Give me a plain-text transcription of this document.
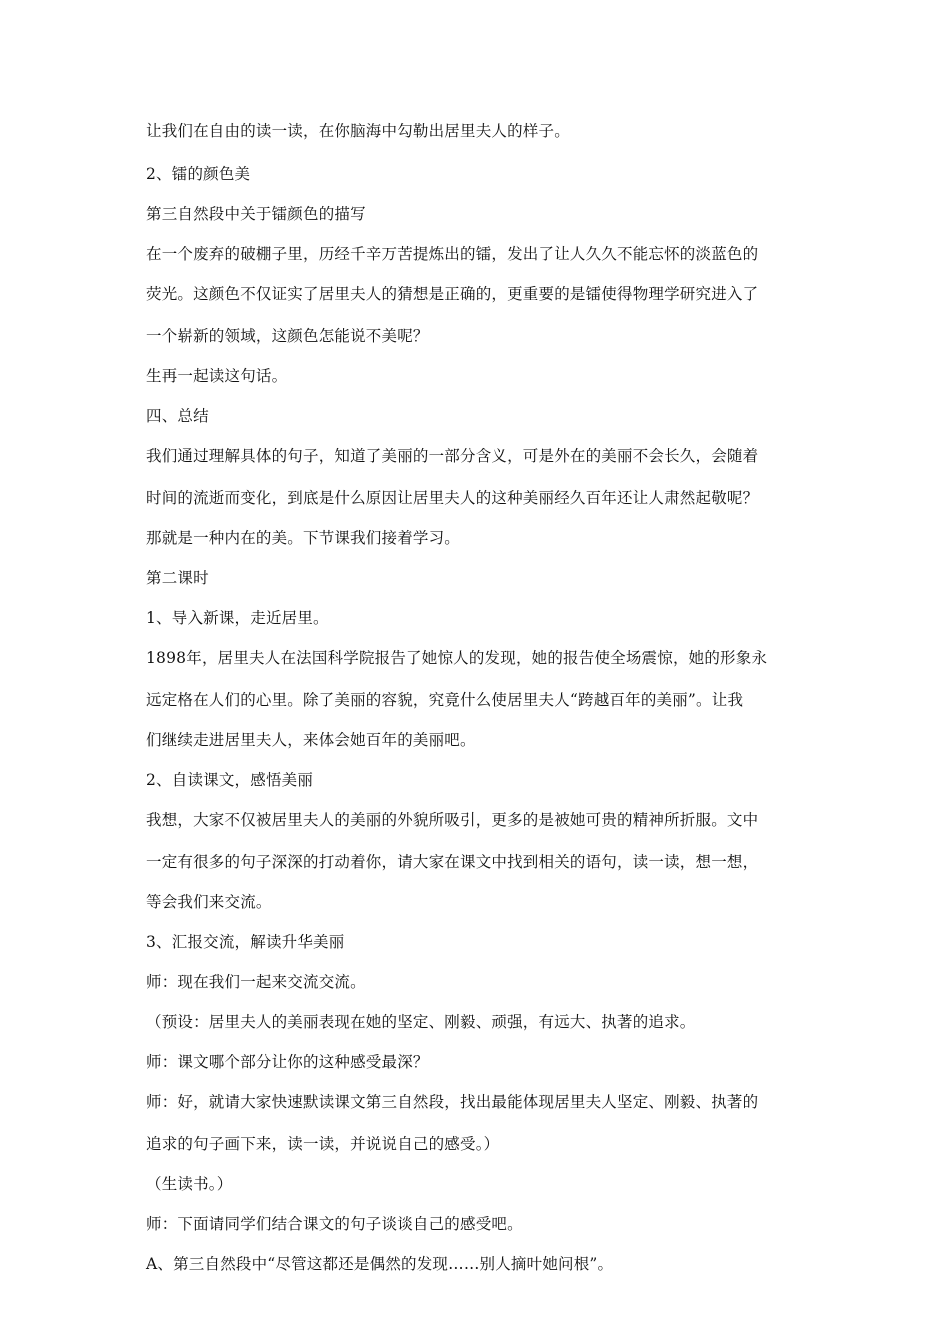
让我们在自由的读一读，在你脑海中勾勒出居里夫人的样子。
2、镭的颜色美
第三自然段中关于镭颜色的描写
在一个废弃的破棚子里，历经千辛万苦提炼出的镭，发出了让人久久不能忘怀的淡蓝色的
荧光。这颜色不仅证实了居里夫人的猜想是正确的，更重要的是镭使得物理学研究进入了
一个崭新的领域，这颜色怎能说不美呢？
生再一起读这句话。
四、总结
我们通过理解具体的句子，知道了美丽的一部分含义，可是外在的美丽不会长久，会随着
时间的流逝而变化，到底是什么原因让居里夫人的这种美丽经久百年还让人肃然起敬呢？
那就是一种内在的美。下节课我们接着学习。
第二课时
1、导入新课，走近居里。
1898年，居里夫人在法国科学院报告了她惊人的发现，她的报告使全场震惊，她的形象永
远定格在人们的心里。除了美丽的容貌，究竟什么使居里夫人“跨越百年的美丽”。让我
们继续走进居里夫人，来体会她百年的美丽吧。
2、自读课文，感悟美丽
我想，大家不仅被居里夫人的美丽的外貌所吸引，更多的是被她可贵的精神所折服。文中
一定有很多的句子深深的打动着你，请大家在课文中找到相关的语句，读一读，想一想，
等会我们来交流。
3、汇报交流，解读升华美丽
师：现在我们一起来交流交流。
（预设：居里夫人的美丽表现在她的坚定、刚毅、顽强，有远大、执著的追求。
师：课文哪个部分让你的这种感受最深？
师：好，就请大家快速默读课文第三自然段，找出最能体现居里夫人坚定、刚毅、执著的
追求的句子画下来，读一读，并说说自己的感受。）
（生读书。）
师：下面请同学们结合课文的句子谈谈自己的感受吧。
A、第三自然段中“尽管这都还是偶然的发现……别人摘叶她问根”。
